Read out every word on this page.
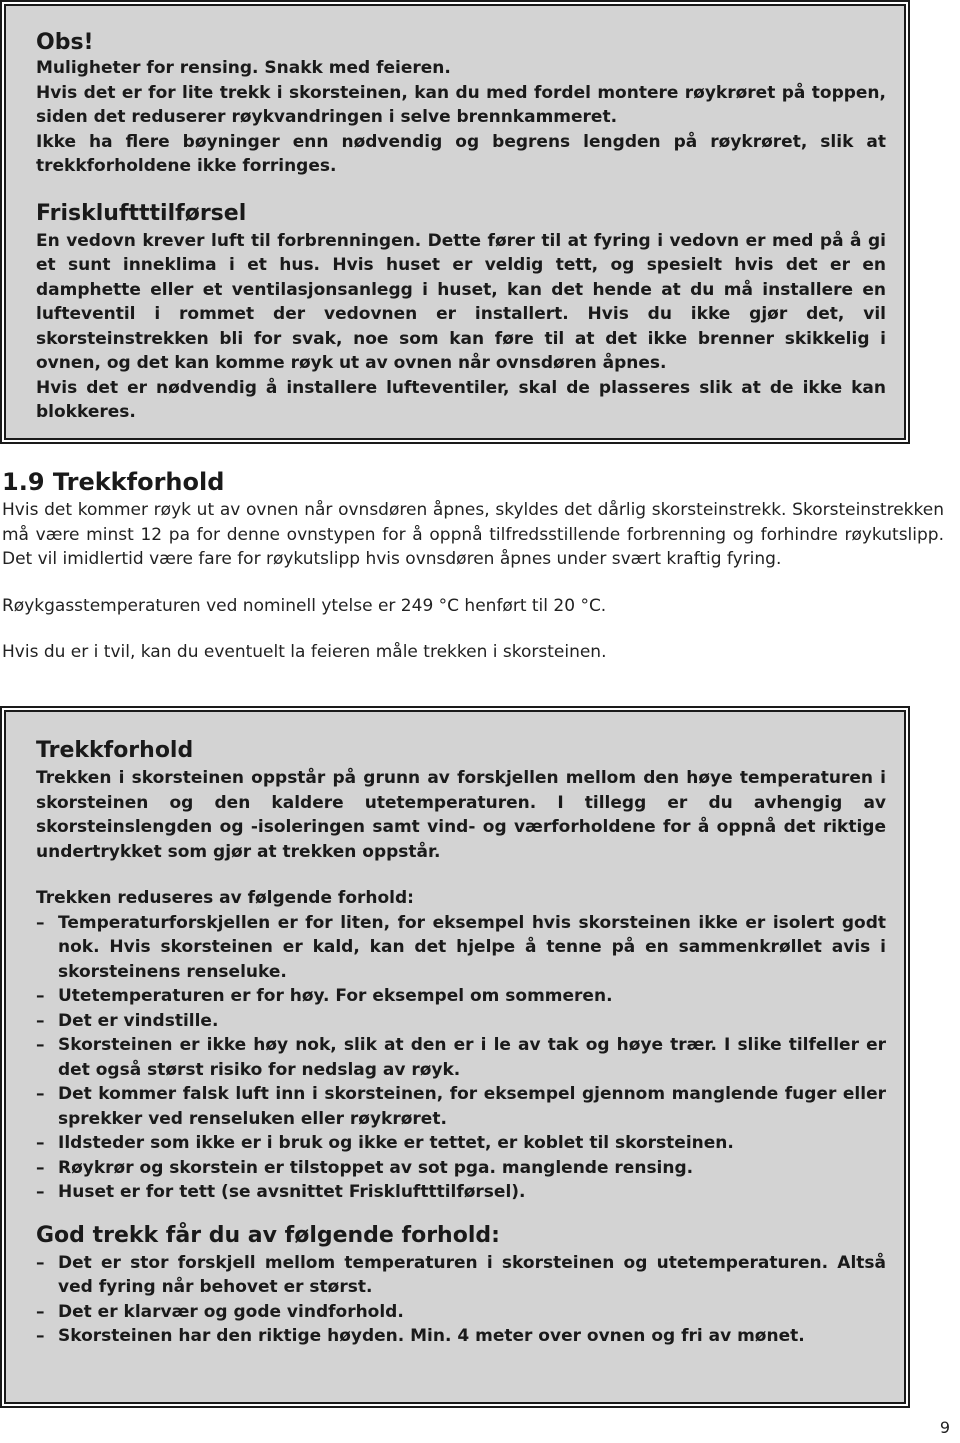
Obs!

Muligheter for rensing. Snakk med feieren.

Hvis det er for lite trekk i skorsteinen, kan du med fordel montere røykrøret på toppen, siden det reduserer røykvandringen i selve brennkammeret.

Ikke ha flere bøyninger enn nødvendig og begrens lengden på røykrøret, slik at trekkforholdene ikke forringes.

Friskluftttilførsel

En vedovn krever luft til forbrenningen. Dette fører til at fyring i vedovn er med på å gi et sunt inneklima i et hus. Hvis huset er veldig tett, og spesielt hvis det er en damphette eller et ventilasjonsanlegg i huset, kan det hende at du må installere en lufteventil i rommet der vedovnen er installert. Hvis du ikke gjør det, vil skorsteinstrekken bli for svak, noe som kan føre til at det ikke brenner skikkelig i ovnen, og det kan komme røyk ut av ovnen når ovnsdøren åpnes.

Hvis det er nødvendig å installere lufteventiler, skal de plasseres slik at de ikke kan blokkeres.

1.9 Trekkforhold

Hvis det kommer røyk ut av ovnen når ovnsdøren åpnes, skyldes det dårlig skorsteinstrekk. Skorsteinstrekken må være minst 12 pa for denne ovnstypen for å oppnå tilfredsstillende forbrenning og forhindre røykutslipp. Det vil imidlertid være fare for røykutslipp hvis ovnsdøren åpnes under svært kraftig fyring.

Røykgasstemperaturen ved nominell ytelse er 249 °C henført til 20 °C.

Hvis du er i tvil, kan du eventuelt la feieren måle trekken i skorsteinen.

Trekkforhold

Trekken i skorsteinen oppstår på grunn av forskjellen mellom den høye temperaturen i skorsteinen og den kaldere utetemperaturen. I tillegg er du avhengig av skorsteinslengden og -isoleringen samt vind- og værforholdene for å oppnå det riktige undertrykket som gjør at trekken oppstår.

Trekken reduseres av følgende forhold:

– Temperaturforskjellen er for liten, for eksempel hvis skorsteinen ikke er isolert godt nok. Hvis skorsteinen er kald, kan det hjelpe å tenne på en sammenkrøllet avis i skorsteinens renseluke.
– Utetemperaturen er for høy. For eksempel om sommeren.
– Det er vindstille.
– Skorsteinen er ikke høy nok, slik at den er i le av tak og høye trær. I slike tilfeller er det også størst risiko for nedslag av røyk.
– Det kommer falsk luft inn i skorsteinen, for eksempel gjennom manglende fuger eller sprekker ved renseluken eller røykrøret.
– Ildsteder som ikke er i bruk og ikke er tettet, er koblet til skorsteinen.
– Røykrør og skorstein er tilstoppet av sot pga. manglende rensing.
– Huset er for tett (se avsnittet Friskluftttilførsel).
God trekk får du av følgende forhold:
– Det er stor forskjell mellom temperaturen i skorsteinen og utetemperaturen. Altså ved fyring når behovet er størst.
– Det er klarvær og gode vindforhold.
– Skorsteinen har den riktige høyden. Min. 4 meter over ovnen og fri av mønet.
9
